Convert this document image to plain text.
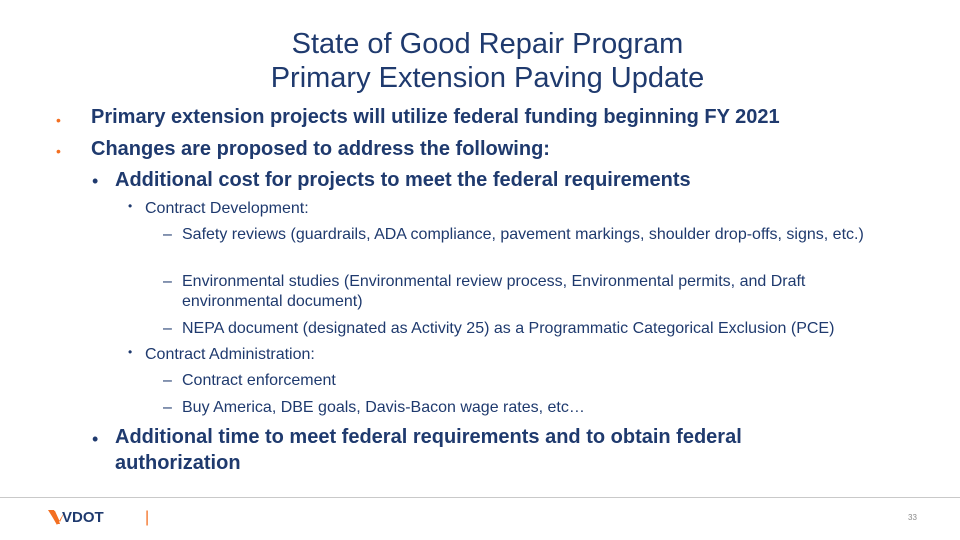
State of Good Repair Program
Primary Extension Paving Update
• Primary extension projects will utilize federal funding beginning FY 2021
• Changes are proposed to address the following:
• Additional cost for projects to meet the federal requirements
• Contract Development:
– Safety reviews (guardrails, ADA compliance, pavement markings, shoulder drop-offs, signs, etc.)
– Environmental studies (Environmental review process, Environmental permits, and Draft environmental document)
– NEPA document (designated as Activity 25) as a Programmatic Categorical Exclusion (PCE)
• Contract Administration:
– Contract enforcement
– Buy America, DBE goals, Davis-Bacon wage rates, etc…
• Additional time to meet federal requirements and to obtain federal authorization
VDOT	|	33
